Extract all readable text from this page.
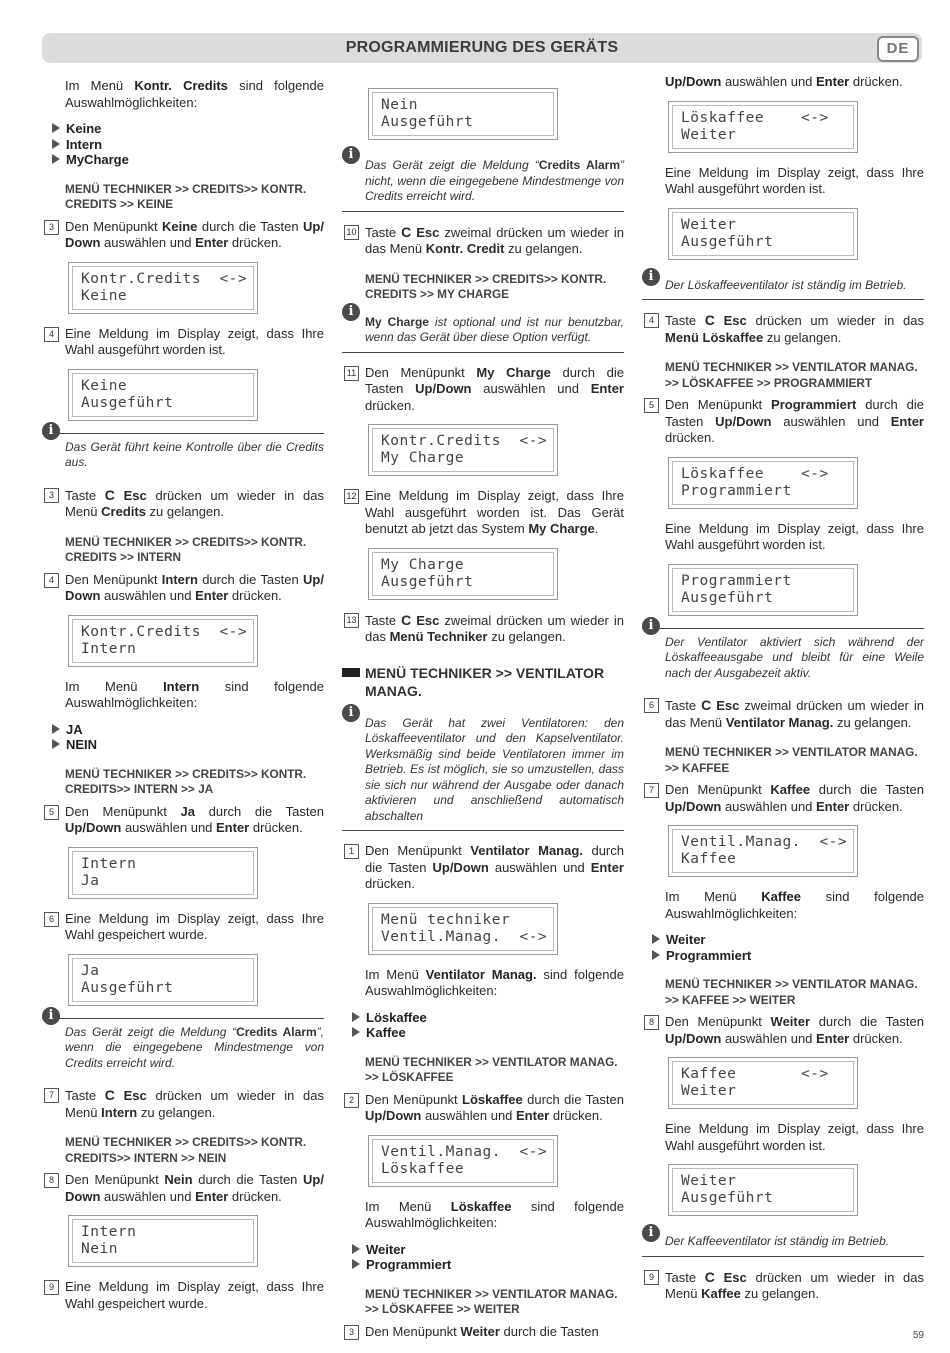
PROGRAMMIERUNG DES GERÄTS	DE

Im Menü Kontr. Credits sind folgende Auswahlmöglichkeiten:

Keine
Intern
MyCharge
MENÜ TECHNIKER >> CREDITS>> KONTR. CREDITS >> KEINE
3 Den Menüpunkt Keine durch die Tasten Up/ Down auswählen und Enter drücken.
Kontr.Credits  <->
Keine
4 Eine Meldung im Display zeigt, dass Ihre Wahl ausgeführt worden ist.
Keine
Ausgeführt
i
Das Gerät führt keine Kontrolle über die Credits aus.
3 Taste C Esc drücken um wieder in das Menü Credits zu gelangen.
MENÜ TECHNIKER >> CREDITS>> KONTR. CREDITS >> INTERN
4 Den Menüpunkt Intern durch die Tasten Up/ Down auswählen und Enter drücken.
Kontr.Credits  <->
Intern

Im Menü Intern sind folgende Auswahlmöglichkeiten:

JA
NEIN
MENÜ TECHNIKER >> CREDITS>> KONTR. CREDITS>> INTERN >> JA
5 Den Menüpunkt Ja durch die Tasten Up/Down auswählen und Enter drücken.
Intern
Ja
6 Eine Meldung im Display zeigt, dass Ihre Wahl gespeichert wurde.
Ja
Ausgeführt
i
Das Gerät zeigt die Meldung “Credits Alarm”, wenn die eingegebene Mindestmenge von Credits erreicht wird.
7 Taste C Esc drücken um wieder in das Menü Intern zu gelangen.
MENÜ TECHNIKER >> CREDITS>> KONTR. CREDITS>> INTERN >> NEIN
8 Den Menüpunkt Nein durch die Tasten Up/ Down auswählen und Enter drücken.
Intern
Nein
9 Eine Meldung im Display zeigt, dass Ihre Wahl gespeichert wurde.
Nein
Ausgeführt
i
Das Gerät zeigt die Meldung “Credits Alarm” nicht, wenn die eingegebene Mindestmenge von Credits erreicht wird.
10 Taste C Esc zweimal drücken um wieder in das Menü Kontr. Credit zu gelangen.
MENÜ TECHNIKER >> CREDITS>> KONTR. CREDITS >> MY CHARGE
i
My Charge ist optional und ist nur benutzbar, wenn das Gerät über diese Option verfügt.
11 Den Menüpunkt My Charge durch die Tasten Up/Down auswählen und Enter drücken.
Kontr.Credits  <->
My Charge
12 Eine Meldung im Display zeigt, dass Ihre Wahl ausgeführt worden ist. Das Gerät benutzt ab jetzt das System My Charge.
My Charge
Ausgeführt
13 Taste C Esc zweimal drücken um wieder in das Menü Techniker zu gelangen.
MENÜ TECHNIKER >> VENTILATOR MANAG.
i
Das Gerät hat zwei Ventilatoren: den Löskaffeeventilator und den Kapselventilator. Werksmäßig sind beide Ventilatoren immer im Betrieb. Es ist möglich, sie so umzustellen, dass sie sich nur während der Ausgabe oder danach aktivieren und anschließend automatisch abschalten
1 Den Menüpunkt Ventilator Manag. durch die Tasten Up/Down auswählen und Enter drücken.
Menü techniker
Ventil.Manag.  <->

Im Menü Ventilator Manag. sind folgende Auswahlmöglichkeiten:

Löskaffee
Kaffee
MENÜ TECHNIKER >> VENTILATOR MANAG. >> LÖSKAFFEE
2 Den Menüpunkt Löskaffee durch die Tasten Up/Down auswählen und Enter drücken.
Ventil.Manag.  <->
Löskaffee

Im Menü Löskaffee sind folgende Auswahlmöglichkeiten:

Weiter
Programmiert
MENÜ TECHNIKER >> VENTILATOR MANAG. >> LÖSKAFFEE >> WEITER
3 Den Menüpunkt Weiter durch die Tasten

Up/Down auswählen und Enter drücken.

Löskaffee    <->
Weiter

Eine Meldung im Display zeigt, dass Ihre Wahl ausgeführt worden ist.

Weiter
Ausgeführt
i
Der Löskaffeeventilator ist ständig im Betrieb.
4 Taste C Esc drücken um wieder in das Menü Löskaffee zu gelangen.
MENÜ TECHNIKER >> VENTILATOR MANAG. >> LÖSKAFFEE >> PROGRAMMIERT
5 Den Menüpunkt Programmiert durch die Tasten Up/Down auswählen und Enter drücken.
Löskaffee    <->
Programmiert

Eine Meldung im Display zeigt, dass Ihre Wahl ausgeführt worden ist.

Programmiert
Ausgeführt
i
Der Ventilator aktiviert sich während der Löskaffeeausgabe und bleibt für eine Weile nach der Ausgabezeit aktiv.
6 Taste C Esc zweimal drücken um wieder in das Menü Ventilator Manag. zu gelangen.
MENÜ TECHNIKER >> VENTILATOR MANAG. >> KAFFEE
7 Den Menüpunkt Kaffee durch die Tasten Up/Down auswählen und Enter drücken.
Ventil.Manag.  <->
Kaffee

Im Menü Kaffee sind folgende Auswahlmöglichkeiten:

Weiter
Programmiert
MENÜ TECHNIKER >> VENTILATOR MANAG. >> KAFFEE >> WEITER
8 Den Menüpunkt Weiter durch die Tasten Up/Down auswählen und Enter drücken.
Kaffee       <->
Weiter

Eine Meldung im Display zeigt, dass Ihre Wahl ausgeführt worden ist.

Weiter
Ausgeführt
i
Der Kaffeeventilator ist ständig im Betrieb.
9 Taste C Esc drücken um wieder in das Menü Kaffee zu gelangen.
59
